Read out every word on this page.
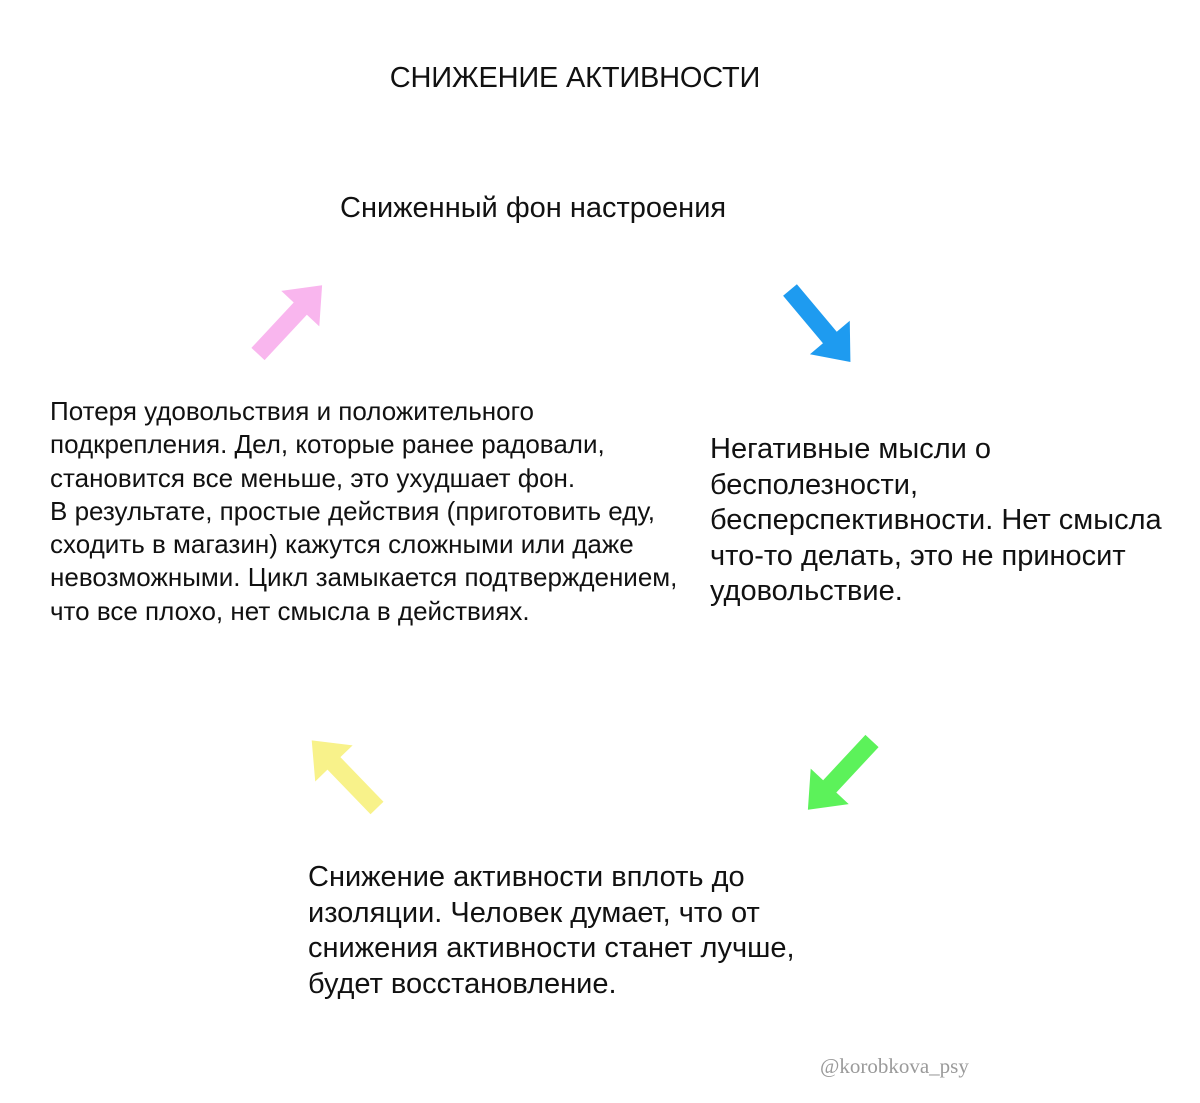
СНИЖЕНИЕ АКТИВНОСТИ
Сниженный фон настроения
Негативные мысли о бесполезности, бесперспективности. Нет смысла что-то делать, это не приносит удовольствие.
Снижение активности вплоть до изоляции. Человек думает, что от снижения активности станет лучше, будет восстановление.
Потеря удовольствия и положительного подкрепления. Дел, которые ранее радовали, становится все меньше, это ухудшает фон.
В результате, простые действия (приготовить еду, сходить в магазин) кажутся сложными или даже невозможными. Цикл замыкается подтверждением, что все плохо, нет смысла в действиях.
@korobkova_psy
